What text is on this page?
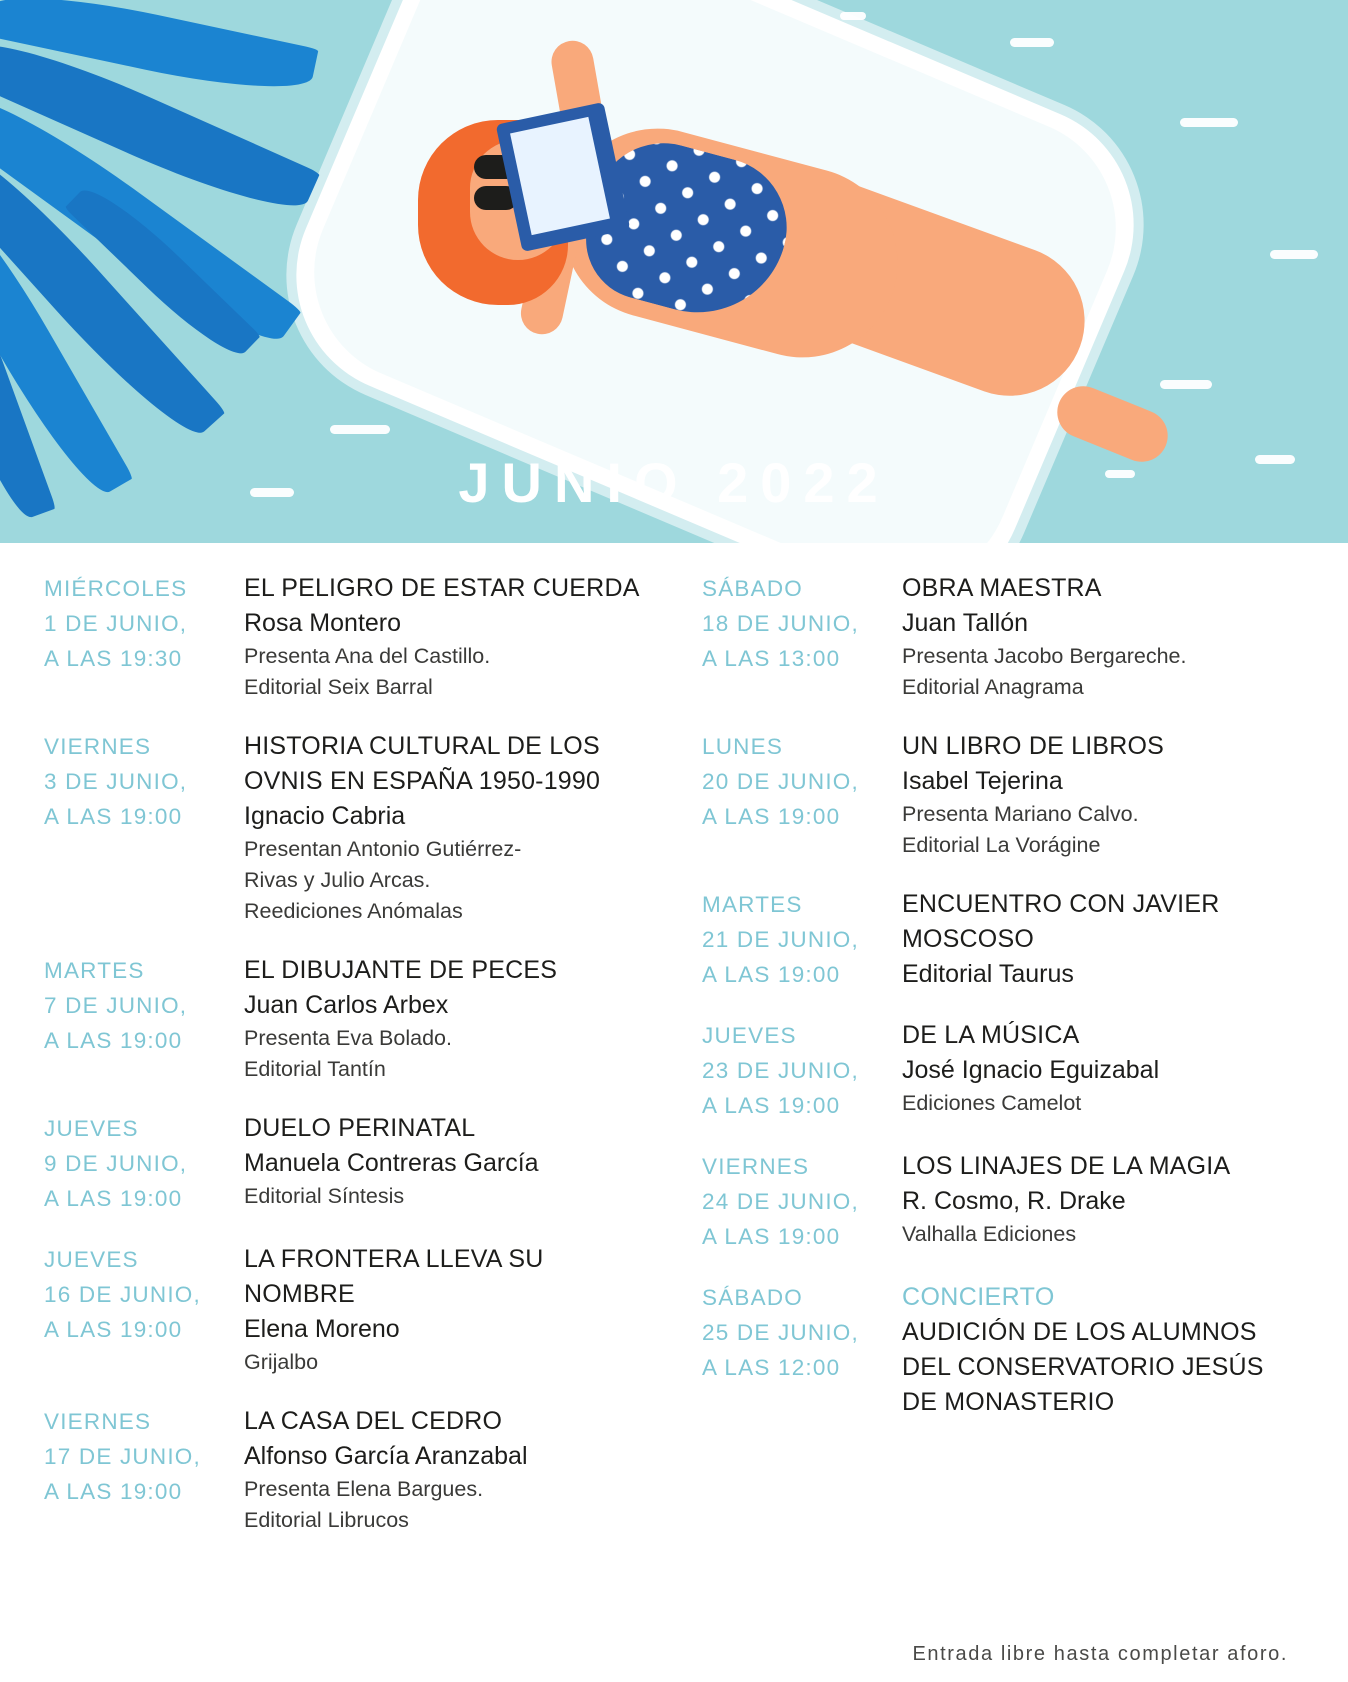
JUNIO 2022
MIÉRCOLES
1 DE JUNIO,
A LAS 19:30
EL PELIGRO DE ESTAR CUERDA
Rosa Montero
Presenta Ana del Castillo.
Editorial Seix Barral
VIERNES
3 DE JUNIO,
A LAS 19:00
HISTORIA CULTURAL DE LOS OVNIS EN ESPAÑA 1950-1990
Ignacio Cabria
Presentan Antonio Gutiérrez-
Rivas y Julio Arcas.
Reediciones Anómalas
MARTES
7 DE JUNIO,
A LAS 19:00
EL DIBUJANTE DE PECES
Juan Carlos Arbex
Presenta Eva Bolado.
Editorial Tantín
JUEVES
9 DE JUNIO,
A LAS 19:00
DUELO PERINATAL
Manuela Contreras García
Editorial Síntesis
JUEVES
16 DE JUNIO,
A LAS 19:00
LA FRONTERA LLEVA SU NOMBRE
Elena Moreno
Grijalbo
VIERNES
17 DE JUNIO,
A LAS 19:00
LA CASA DEL CEDRO
Alfonso García Aranzabal
Presenta Elena Bargues.
Editorial Librucos
SÁBADO
18 DE JUNIO,
A LAS 13:00
OBRA MAESTRA
Juan Tallón
Presenta Jacobo Bergareche.
Editorial Anagrama
LUNES
20 DE JUNIO,
A LAS 19:00
UN LIBRO DE LIBROS
Isabel Tejerina
Presenta Mariano Calvo.
Editorial La Vorágine
MARTES
21 DE JUNIO,
A LAS 19:00
ENCUENTRO CON JAVIER MOSCOSO
Editorial Taurus
JUEVES
23 DE JUNIO,
A LAS 19:00
DE LA MÚSICA
José Ignacio Eguizabal
Ediciones Camelot
VIERNES
24 DE JUNIO,
A LAS 19:00
LOS LINAJES DE LA MAGIA
R. Cosmo, R. Drake
Valhalla Ediciones
SÁBADO
25 DE JUNIO,
A LAS 12:00
CONCIERTO
AUDICIÓN DE LOS ALUMNOS DEL CONSERVATORIO JESÚS DE MONASTERIO
Entrada libre hasta completar aforo.
